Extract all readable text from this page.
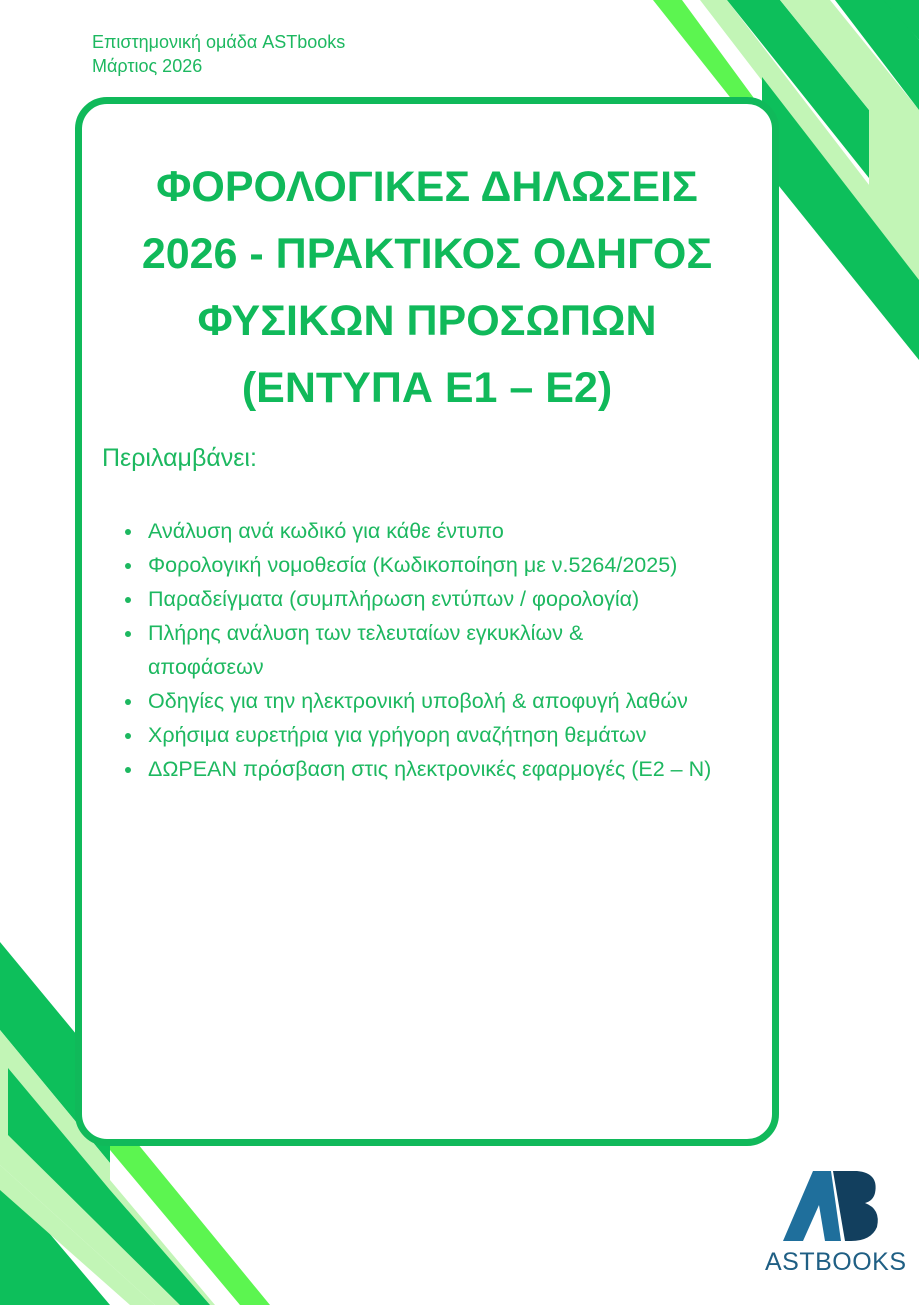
Επιστημονική ομάδα ASTbooks
Μάρτιος 2026
ΦΟΡΟΛΟΓΙΚΕΣ ΔΗΛΩΣΕΙΣ
2026 - ΠΡΑΚΤΙΚΟΣ ΟΔΗΓΟΣ
ΦΥΣΙΚΩΝ ΠΡΟΣΩΠΩΝ
(ΕΝΤΥΠΑ Ε1 – Ε2)
Περιλαμβάνει:
• Ανάλυση ανά κωδικό για κάθε έντυπο
• Φορολογική νομοθεσία (Κωδικοποίηση με ν.5264/2025)
• Παραδείγματα (συμπλήρωση εντύπων / φορολογία)
• Πλήρης ανάλυση των τελευταίων εγκυκλίων & αποφάσεων
• Οδηγίες για την ηλεκτρονική υποβολή & αποφυγή λαθών
• Χρήσιμα ευρετήρια για γρήγορη αναζήτηση θεμάτων
• ΔΩΡΕΑΝ πρόσβαση στις ηλεκτρονικές εφαρμογές (Ε2 – Ν)
ASTBOOKS
